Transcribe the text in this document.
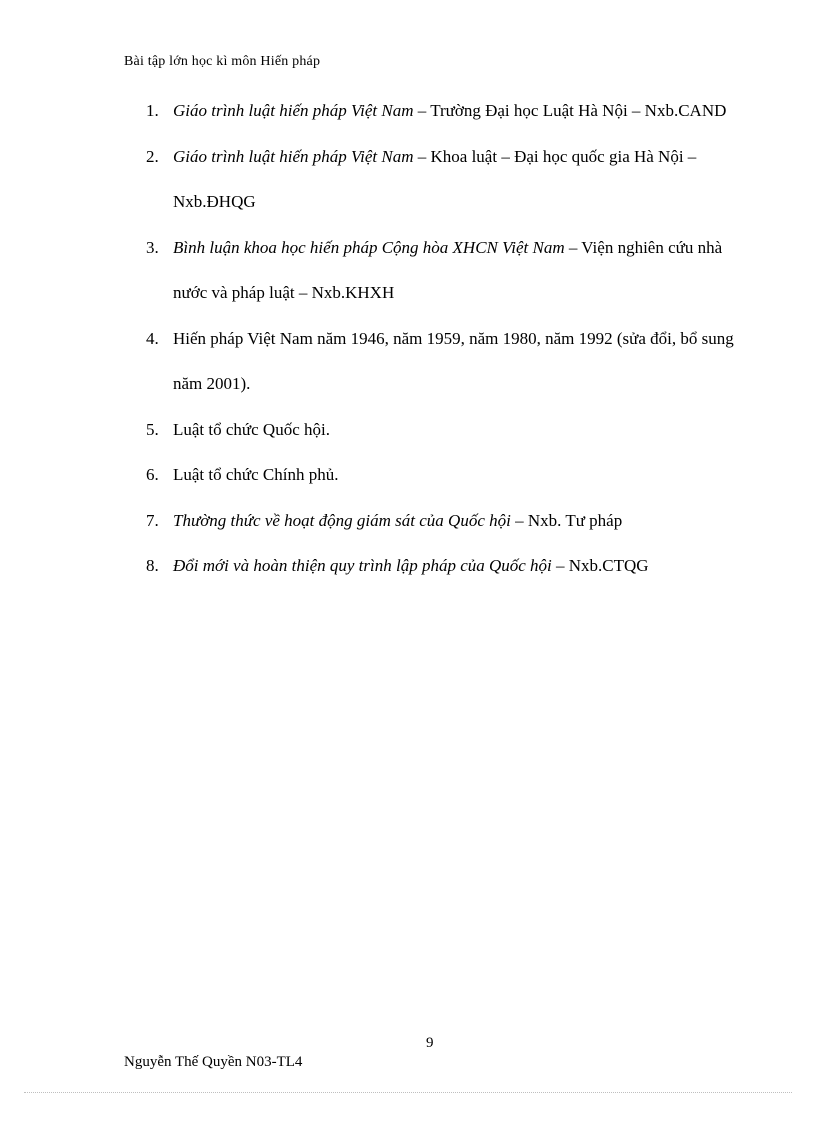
Bài tập lớn học kì môn Hiến pháp
1. Giáo trình luật hiến pháp Việt Nam – Trường Đại học Luật Hà Nội – Nxb.CAND
2. Giáo trình luật hiến pháp Việt Nam – Khoa luật – Đại học quốc gia Hà Nội – Nxb.ĐHQG
3. Bình luận khoa học hiến pháp Cộng hòa XHCN Việt Nam – Viện nghiên cứu nhà nước và pháp luật – Nxb.KHXH
4. Hiến pháp Việt Nam năm 1946, năm 1959, năm 1980, năm 1992 (sửa đổi, bổ sung năm 2001).
5. Luật tổ chức Quốc hội.
6. Luật tổ chức Chính phủ.
7. Thường thức về hoạt động giám sát của Quốc hội – Nxb. Tư pháp
8. Đổi mới và hoàn thiện quy trình lập pháp của Quốc hội – Nxb.CTQG
9
Nguyễn Thế Quyền N03-TL4
